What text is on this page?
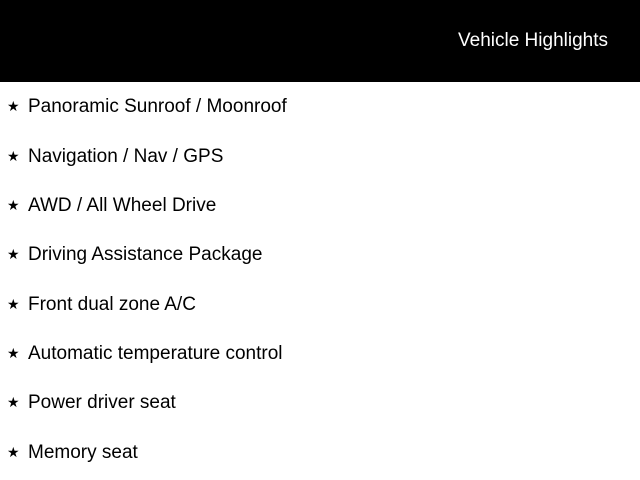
Vehicle Highlights
★ Panoramic Sunroof / Moonroof
★ Navigation / Nav / GPS
★ AWD / All Wheel Drive
★ Driving Assistance Package
★ Front dual zone A/C
★ Automatic temperature control
★ Power driver seat
★ Memory seat
